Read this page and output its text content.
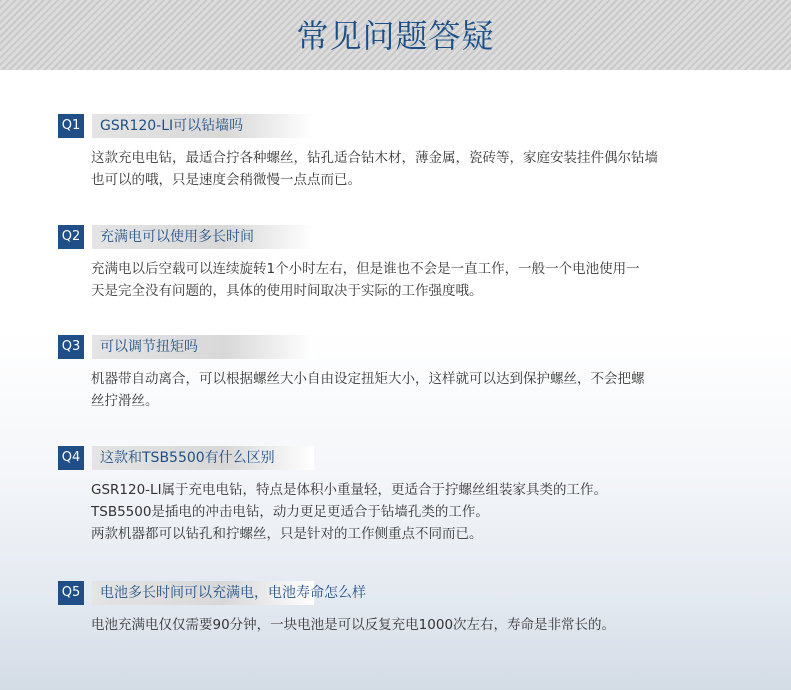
常见问题答疑
Q1 GSR120-LI可以钻墙吗
这款充电电钻，最适合拧各种螺丝，钻孔适合钻木材，薄金属，瓷砖等，家庭安装挂件偶尔钻墙
也可以的哦，只是速度会稍微慢一点点而已。
Q2 充满电可以使用多长时间
充满电以后空载可以连续旋转1个小时左右，但是谁也不会是一直工作，一般一个电池使用一
天是完全没有问题的，具体的使用时间取决于实际的工作强度哦。
Q3 可以调节扭矩吗
机器带自动离合，可以根据螺丝大小自由设定扭矩大小，这样就可以达到保护螺丝，不会把螺
丝拧滑丝。
Q4 这款和TSB5500有什么区别
GSR120-LI属于充电电钻，特点是体积小重量轻，更适合于拧螺丝组装家具类的工作。
TSB5500是插电的冲击电钻，动力更足更适合于钻墙孔类的工作。
两款机器都可以钻孔和拧螺丝，只是针对的工作侧重点不同而已。
Q5 电池多长时间可以充满电，电池寿命怎么样
电池充满电仅仅需要90分钟，一块电池是可以反复充电1000次左右，寿命是非常长的。
